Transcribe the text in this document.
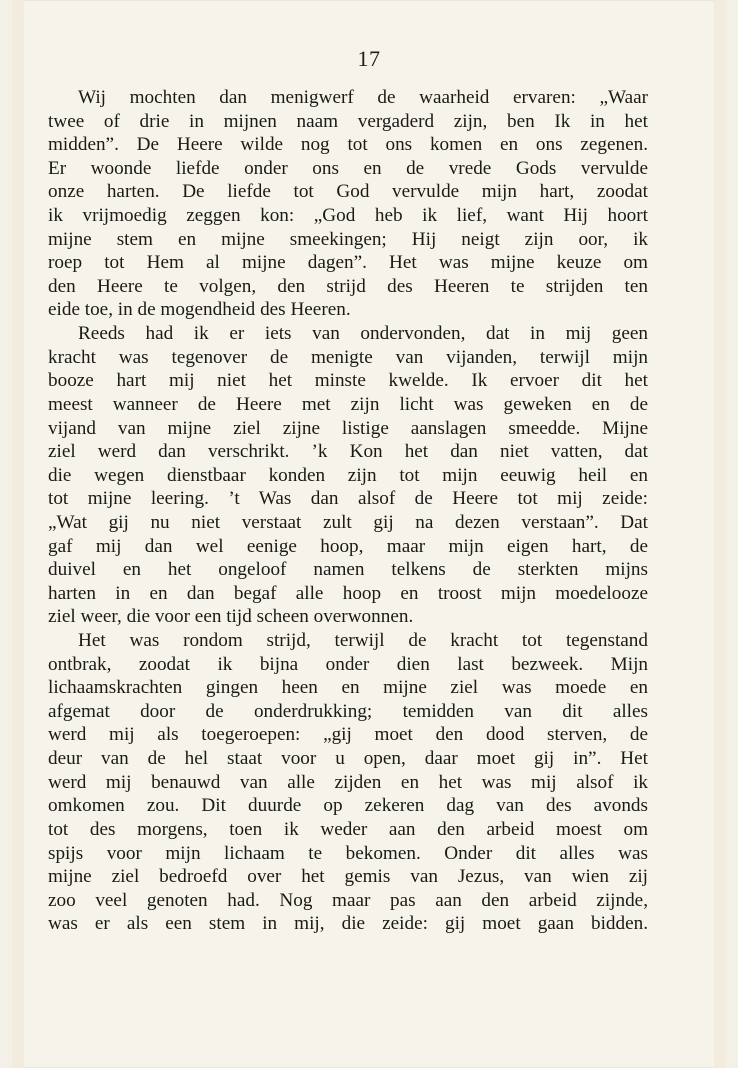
17
Wij mochten dan menigwerf de waarheid ervaren: „Waar
twee of drie in mijnen naam vergaderd zijn, ben Ik in het
midden”. De Heere wilde nog tot ons komen en ons zegenen.
Er woonde liefde onder ons en de vrede Gods vervulde
onze harten. De liefde tot God vervulde mijn hart, zoodat
ik vrijmoedig zeggen kon: „God heb ik lief, want Hij hoort
mijne stem en mijne smeekingen; Hij neigt zijn oor, ik
roep tot Hem al mijne dagen”. Het was mijne keuze om
den Heere te volgen, den strijd des Heeren te strijden ten
eide toe, in de mogendheid des Heeren.
Reeds had ik er iets van ondervonden, dat in mij geen
kracht was tegenover de menigte van vijanden, terwijl mijn
booze hart mij niet het minste kwelde. Ik ervoer dit het
meest wanneer de Heere met zijn licht was geweken en de
vijand van mijne ziel zijne listige aanslagen smeedde. Mijne
ziel werd dan verschrikt. ’k Kon het dan niet vatten, dat
die wegen dienstbaar konden zijn tot mijn eeuwig heil en
tot mijne leering. ’t Was dan alsof de Heere tot mij zeide:
„Wat gij nu niet verstaat zult gij na dezen verstaan”. Dat
gaf mij dan wel eenige hoop, maar mijn eigen hart, de
duivel en het ongeloof namen telkens de sterkten mijns
harten in en dan begaf alle hoop en troost mijn moedelooze
ziel weer, die voor een tijd scheen overwonnen.
Het was rondom strijd, terwijl de kracht tot tegenstand
ontbrak, zoodat ik bijna onder dien last bezweek. Mijn
lichaamskrachten gingen heen en mijne ziel was moede en
afgemat door de onderdrukking; temidden van dit alles
werd mij als toegeroepen: „gij moet den dood sterven, de
deur van de hel staat voor u open, daar moet gij in”. Het
werd mij benauwd van alle zijden en het was mij alsof ik
omkomen zou. Dit duurde op zekeren dag van des avonds
tot des morgens, toen ik weder aan den arbeid moest om
spijs voor mijn lichaam te bekomen. Onder dit alles was
mijne ziel bedroefd over het gemis van Jezus, van wien zij
zoo veel genoten had. Nog maar pas aan den arbeid zijnde,
was er als een stem in mij, die zeide: gij moet gaan bidden.
